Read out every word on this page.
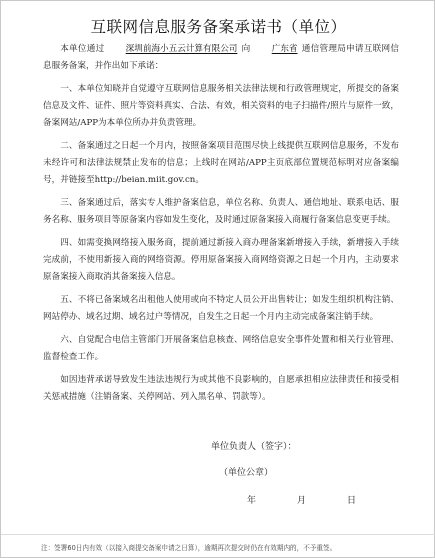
互联网信息服务备案承诺书（单位）

本单位通过 深圳前海小五云计算有限公司 向 广东省 通信管理局申请互联网信息服务备案，并作出如下承诺：

一、本单位知晓并自觉遵守互联网信息服务相关法律法规和行政管理规定，所提交的备案信息及文件、证件、照片等资料真实、合法、有效，相关资料的电子扫描件/照片与原件一致，备案网站/APP为本单位所办并负责管理。

二、备案通过之日起一个月内，按照备案项目范围尽快上线提供互联网信息服务，不发布未经许可和法律法规禁止发布的信息；上线时在网站/APP主页底部位置规范标明对应备案编号，并链接至http://beian.miit.gov.cn。

三、备案通过后，落实专人维护备案信息，单位名称、负责人、通信地址、联系电话、服务名称、服务项目等原备案内容如发生变化，及时通过原备案接入商履行备案信息变更手续。

四、如需变换网络接入服务商，提前通过新接入商办理备案新增接入手续，新增接入手续完成前，不使用新接入商的网络资源。停用原备案接入商网络资源之日起一个月内，主动要求原备案接入商取消其备案接入信息。

五、不将已备案域名出租他人使用或向不特定人员公开出售转让；如发生组织机构注销、网站停办、域名过期、域名过户等情况，自发生之日起一个月内主动完成备案注销手续。

六、自觉配合电信主管部门开展备案信息核查、网络信息安全事件处置和相关行业管理、监督检查工作。

如因违背承诺导致发生违法违规行为或其他不良影响的，自愿承担相应法律责任和接受相关惩戒措施（注销备案、关停网站、列入黑名单、罚款等）。

单位负责人（签字）：
（单位公章）
年	月	日
注：签署60日内有效（以接入商提交备案申请之日算），逾期再次提交时仍在有效期内的，不予重签。
